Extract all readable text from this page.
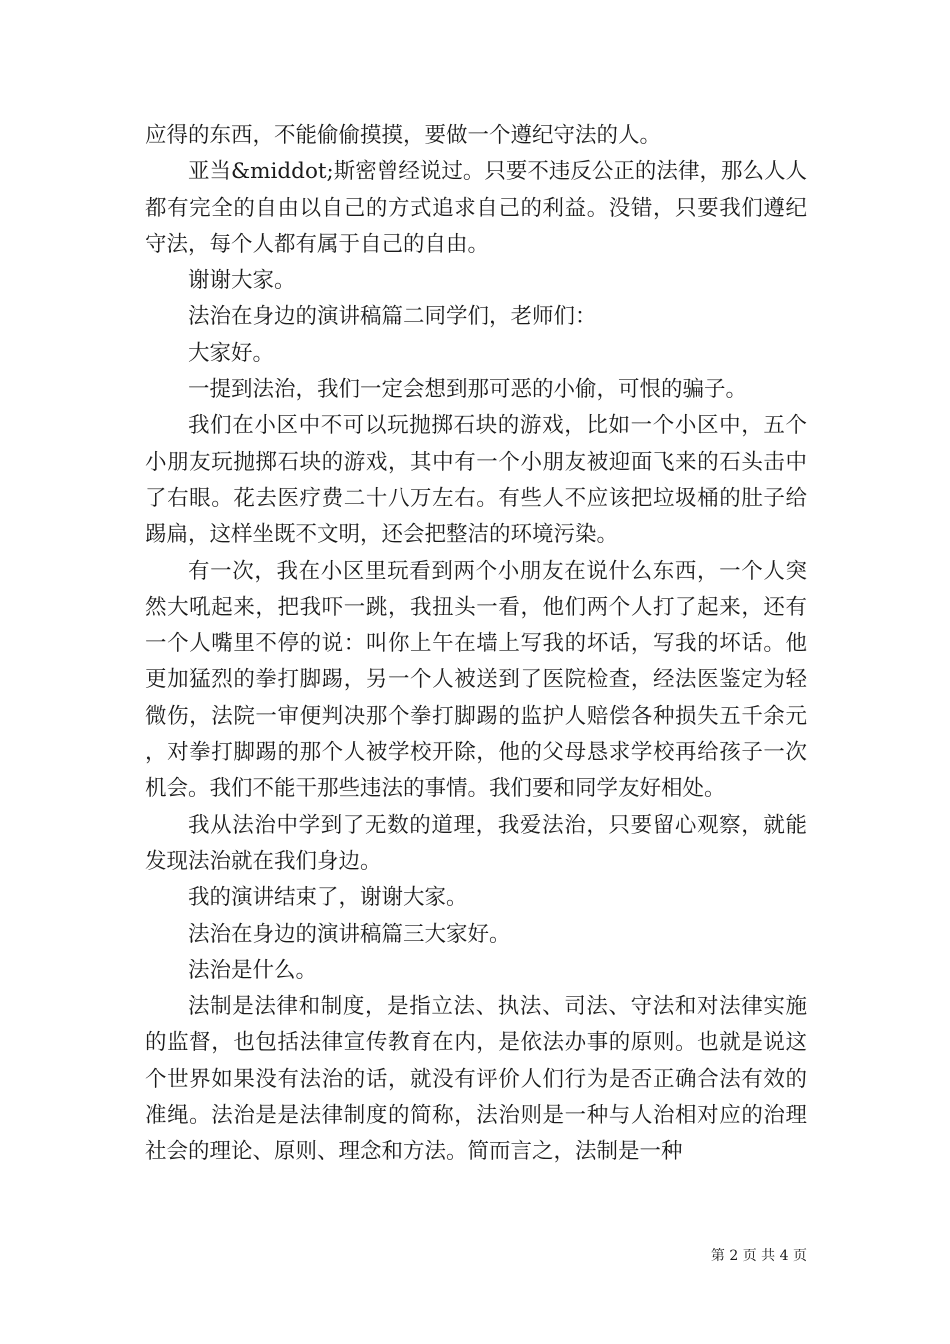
应得的东西，不能偷偷摸摸，要做一个遵纪守法的人。

亚当&middot;斯密曾经说过。只要不违反公正的法律，那么人人都有完全的自由以自己的方式追求自己的利益。没错，只要我们遵纪守法，每个人都有属于自己的自由。

谢谢大家。

法治在身边的演讲稿篇二同学们，老师们：

大家好。

一提到法治，我们一定会想到那可恶的小偷，可恨的骗子。

我们在小区中不可以玩抛掷石块的游戏，比如一个小区中，五个小朋友玩抛掷石块的游戏，其中有一个小朋友被迎面飞来的石头击中了右眼。花去医疗费二十八万左右。有些人不应该把垃圾桶的肚子给踢扁，这样坐既不文明，还会把整洁的环境污染。

有一次，我在小区里玩看到两个小朋友在说什么东西，一个人突然大吼起来，把我吓一跳，我扭头一看，他们两个人打了起来，还有一个人嘴里不停的说：叫你上午在墙上写我的坏话，写我的坏话。他更加猛烈的拳打脚踢，另一个人被送到了医院检查，经法医鉴定为轻微伤，法院一审便判决那个拳打脚踢的监护人赔偿各种损失五千余元，对拳打脚踢的那个人被学校开除，他的父母恳求学校再给孩子一次机会。我们不能干那些违法的事情。我们要和同学友好相处。

我从法治中学到了无数的道理，我爱法治，只要留心观察，就能发现法治就在我们身边。

我的演讲结束了，谢谢大家。

法治在身边的演讲稿篇三大家好。

法治是什么。

法制是法律和制度，是指立法、执法、司法、守法和对法律实施的监督，也包括法律宣传教育在内，是依法办事的原则。也就是说这个世界如果没有法治的话，就没有评价人们行为是否正确合法有效的准绳。法治是是法律制度的简称，法治则是一种与人治相对应的治理社会的理论、原则、理念和方法。简而言之，法制是一种

第 2 页 共 4 页
